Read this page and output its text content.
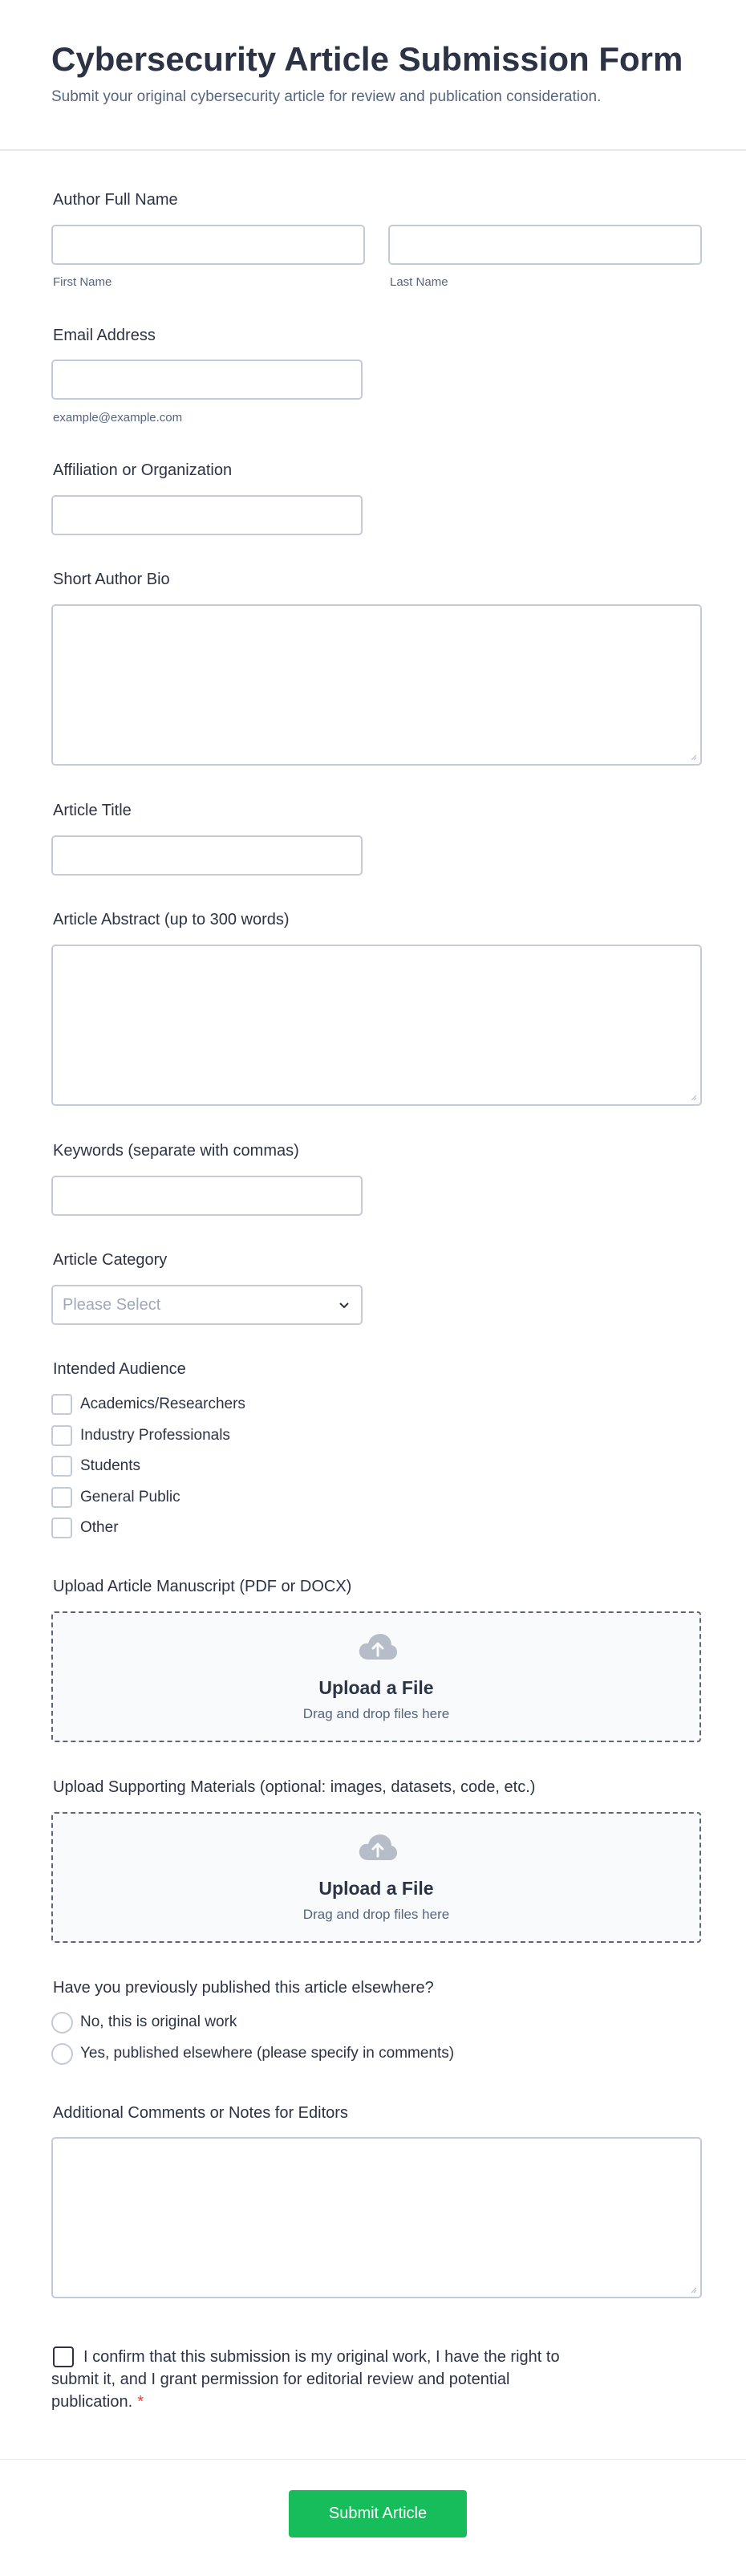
Cybersecurity Article Submission Form

Submit your original cybersecurity article for review and publication consideration.

Author Full Name
First Name	Last Name
Email Address
example@example.com
Affiliation or Organization
Short Author Bio
Article Title
Article Abstract (up to 300 words)
Keywords (separate with commas)
Article Category
Please Select
Intended Audience
Academics/Researchers
Industry Professionals
Students
General Public
Other
Upload Article Manuscript (PDF or DOCX)
Upload a File
Drag and drop files here
Upload Supporting Materials (optional: images, datasets, code, etc.)
Upload a File
Drag and drop files here
Have you previously published this article elsewhere?
No, this is original work
Yes, published elsewhere (please specify in comments)
Additional Comments or Notes for Editors

I confirm that this submission is my original work, I have the right to submit it, and I grant permission for editorial review and potential publication. *

Submit Article
